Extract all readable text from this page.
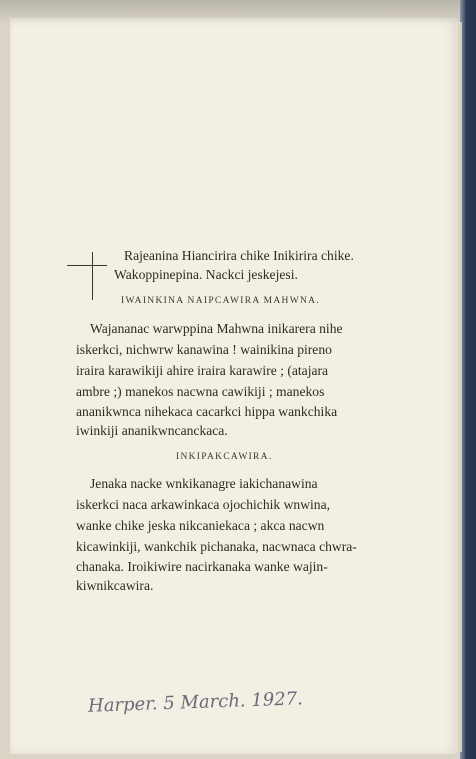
Rajeanina Hiancirira chike Inikirira chike.
Wakoppinepina. Nackci jeskejesi.
IWAINKINA NAIPCAWIRA MAHWNA.
Wajananac warwppina Mahwna inikarera nihe
iskerkci, nichwrw kanawina ! wainikina pireno
iraira karawikiji ahire iraira karawire ; (atajara
ambre ;) manekos nacwna cawikiji ; manekos
ananikwnca nihekaca cacarkci hippa wankchika
iwinkiji ananikwncanckaca.
INKIPAKCAWIRA.
Jenaka nacke wnkikanagre iakichanawina
iskerkci naca arkawinkaca ojochichik wnwina,
wanke chike jeska nikcaniekaca ; akca nacwn
kicawinkiji, wankchik pichanaka, nacwnaca chwra-
chanaka. Iroikiwire nacirkanaka wanke wajin-
kiwnikcawira.
Harper. 5 March. 1927.
